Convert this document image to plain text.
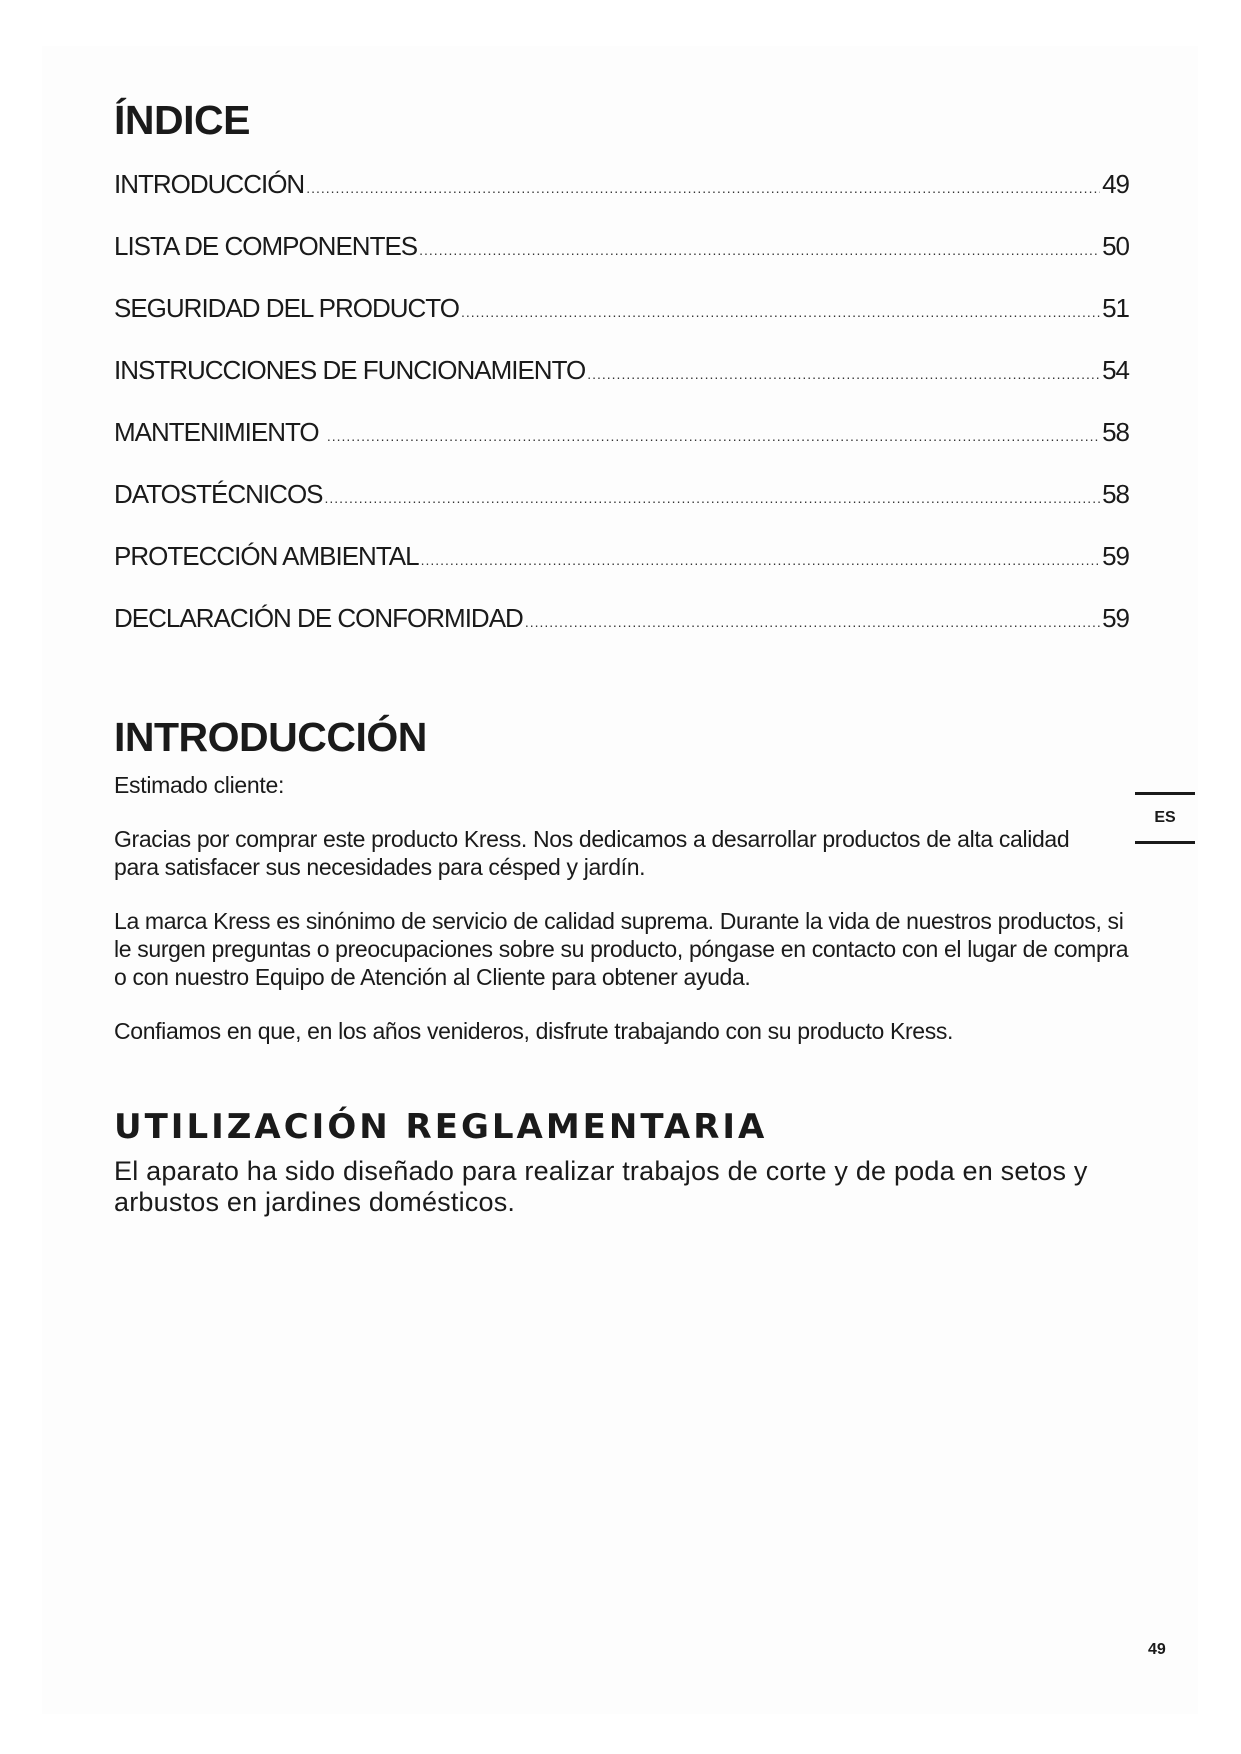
ÍNDICE
INTRODUCCIÓN .....	49
LISTA DE COMPONENTES .....	50
SEGURIDAD DEL PRODUCTO .....	51
INSTRUCCIONES DE FUNCIONAMIENTO .....	54
MANTENIMIENTO .....	58
DATOSTÉCNICOS .....	58
PROTECCIÓN AMBIENTAL .....	59
DECLARACIÓN DE CONFORMIDAD .....	59
INTRODUCCIÓN

Estimado cliente:

Gracias por comprar este producto Kress. Nos dedicamos a desarrollar productos de alta calidad para satisfacer sus necesidades para césped y jardín.

La marca Kress es sinónimo de servicio de calidad suprema. Durante la vida de nuestros productos, si le surgen preguntas o preocupaciones sobre su producto, póngase en contacto con el lugar de compra o con nuestro Equipo de Atención al Cliente para obtener ayuda.

Confiamos en que, en los años venideros, disfrute trabajando con su producto Kress.

UTILIZACIÓN REGLAMENTARIA

El aparato ha sido diseñado para realizar trabajos de corte y de poda en setos y arbustos en jardines domésticos.

ES
49
